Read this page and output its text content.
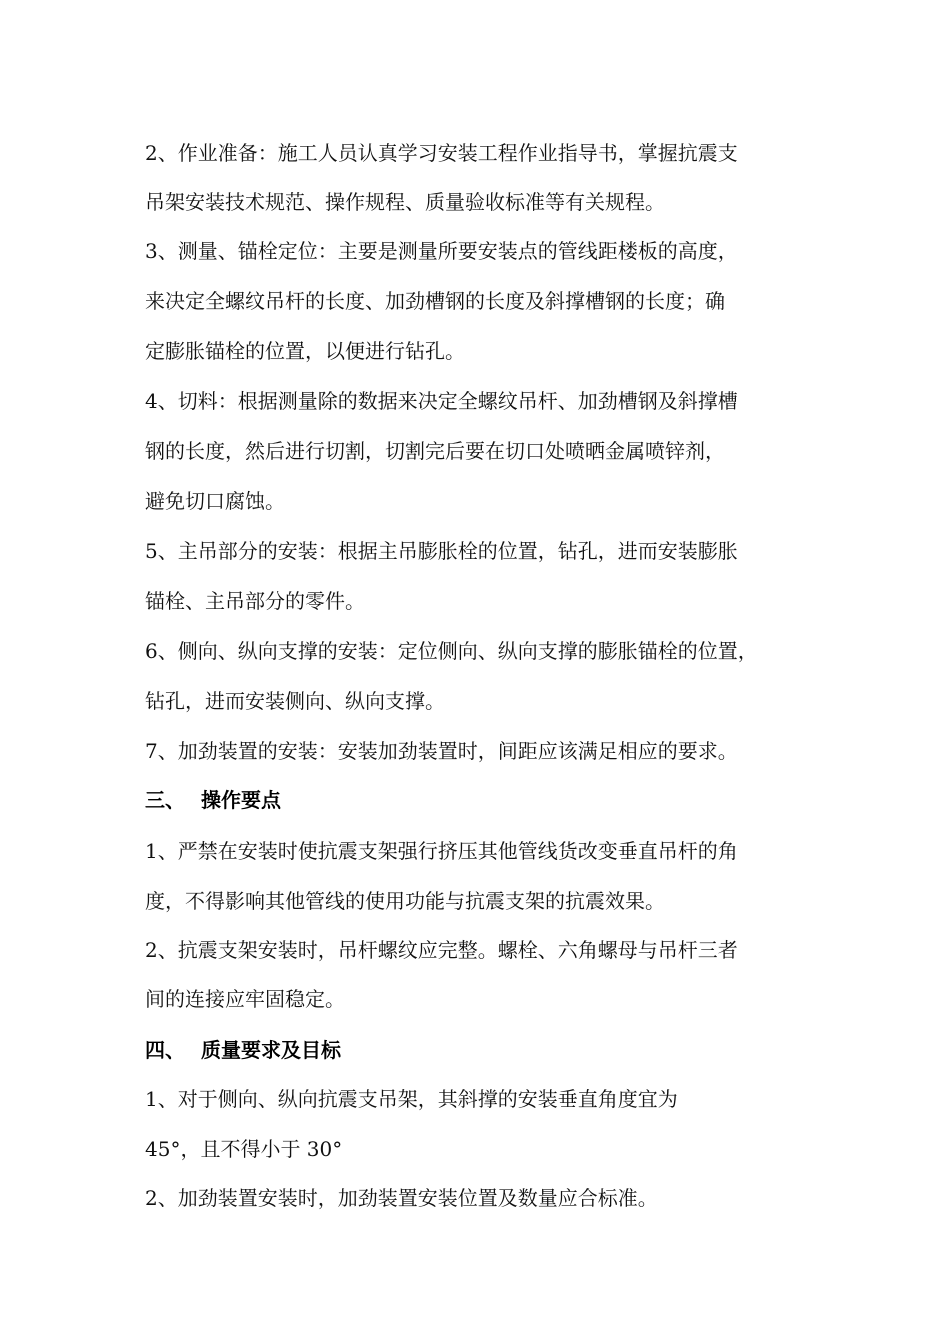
2、作业准备：施工人员认真学习安装工程作业指导书，掌握抗震支
吊架安装技术规范、操作规程、质量验收标准等有关规程。
3、测量、锚栓定位：主要是测量所要安装点的管线距楼板的高度，
来决定全螺纹吊杆的长度、加劲槽钢的长度及斜撑槽钢的长度；确
定膨胀锚栓的位置，以便进行钻孔。
4、切料：根据测量除的数据来决定全螺纹吊杆、加劲槽钢及斜撑槽
钢的长度，然后进行切割，切割完后要在切口处喷晒金属喷锌剂，
避免切口腐蚀。
5、主吊部分的安装：根据主吊膨胀栓的位置，钻孔，进而安装膨胀
锚栓、主吊部分的零件。
6、侧向、纵向支撑的安装：定位侧向、纵向支撑的膨胀锚栓的位置，
钻孔，进而安装侧向、纵向支撑。
7、加劲装置的安装：安装加劲装置时，间距应该满足相应的要求。
三、 操作要点
1、严禁在安装时使抗震支架强行挤压其他管线货改变垂直吊杆的角
度，不得影响其他管线的使用功能与抗震支架的抗震效果。
2、抗震支架安装时，吊杆螺纹应完整。螺栓、六角螺母与吊杆三者
间的连接应牢固稳定。
四、 质量要求及目标
1、对于侧向、纵向抗震支吊架，其斜撑的安装垂直角度宜为
45°，且不得小于 30°
2、加劲装置安装时，加劲装置安装位置及数量应合标准。
